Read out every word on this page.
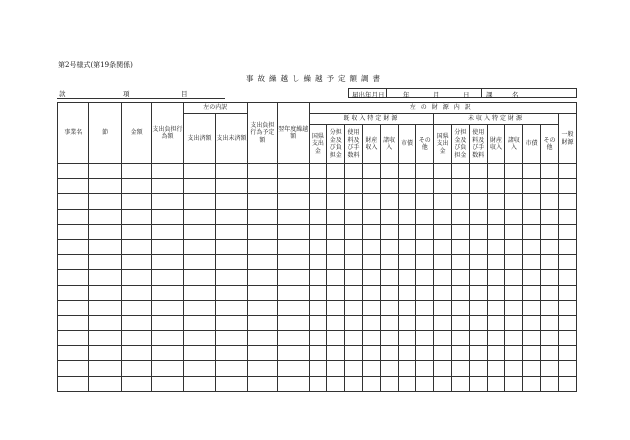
第2号様式(第19条関係)
事故繰越し繰越予定額調書
款	項	目	届出年月日	年	月	日	課	名
事業名	節	金額	支出負担行為額	左の内訳		支出負担行為予定額	翌年度繰越額	左の財源内訳														
				支出済額	支出未済額			既収入特定財源							未収入特定財源							一般財源
								国県支出金	分担金及び負担金	使用料及び手数料	財産収入	諸収入	市債	その他	国県支出金	分担金及び負担金	使用料及び手数料	財産収入	諸収入	市債	その他	
